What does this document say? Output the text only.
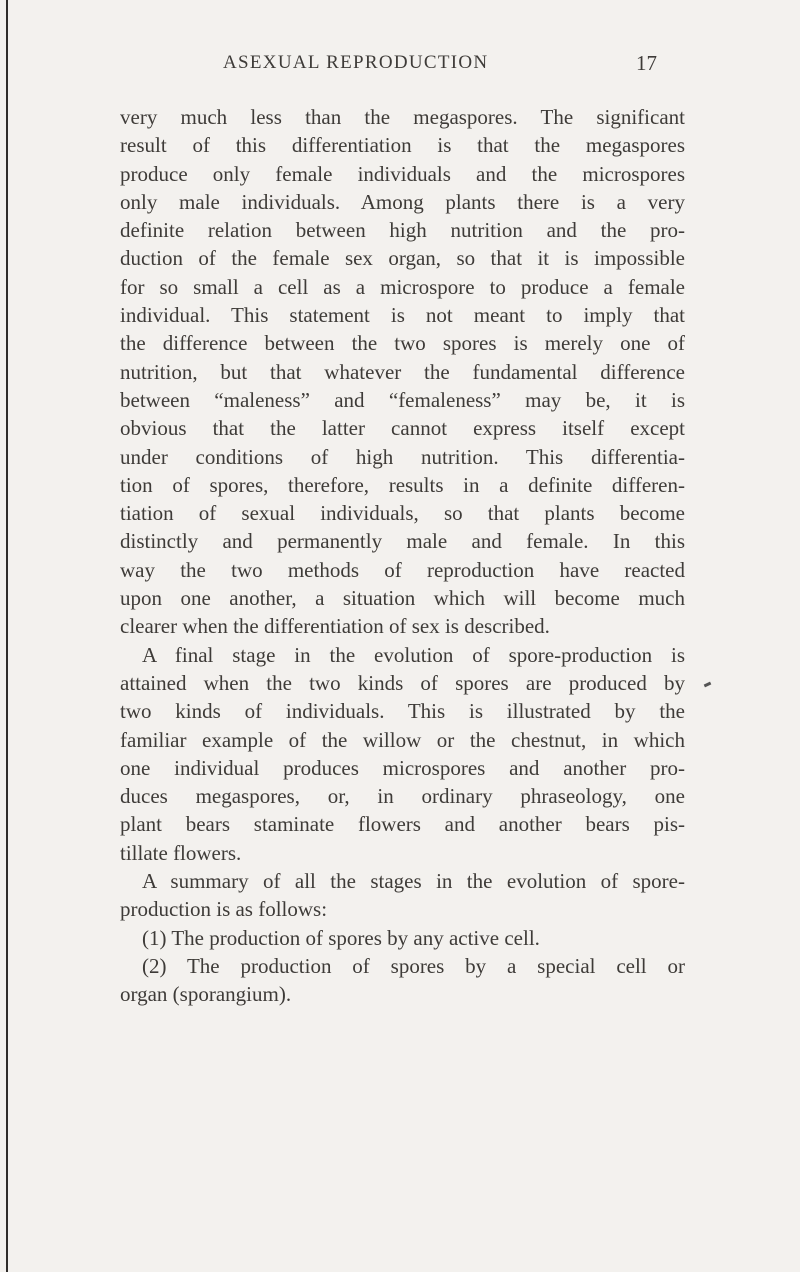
ASEXUAL REPRODUCTION	17
very much less than the megaspores. The significant
result of this differentiation is that the megaspores
produce only female individuals and the microspores
only male individuals. Among plants there is a very
definite relation between high nutrition and the pro-
duction of the female sex organ, so that it is impossible
for so small a cell as a microspore to produce a female
individual. This statement is not meant to imply that
the difference between the two spores is merely one of
nutrition, but that whatever the fundamental difference
between “maleness” and “femaleness” may be, it is
obvious that the latter cannot express itself except
under conditions of high nutrition. This differentia-
tion of spores, therefore, results in a definite differen-
tiation of sexual individuals, so that plants become
distinctly and permanently male and female. In this
way the two methods of reproduction have reacted
upon one another, a situation which will become much
clearer when the differentiation of sex is described.
A final stage in the evolution of spore-production is
attained when the two kinds of spores are produced by
two kinds of individuals. This is illustrated by the
familiar example of the willow or the chestnut, in which
one individual produces microspores and another pro-
duces megaspores, or, in ordinary phraseology, one
plant bears staminate flowers and another bears pis-
tillate flowers.
A summary of all the stages in the evolution of spore-
production is as follows:
(1) The production of spores by any active cell.
(2) The production of spores by a special cell or
organ (sporangium).
